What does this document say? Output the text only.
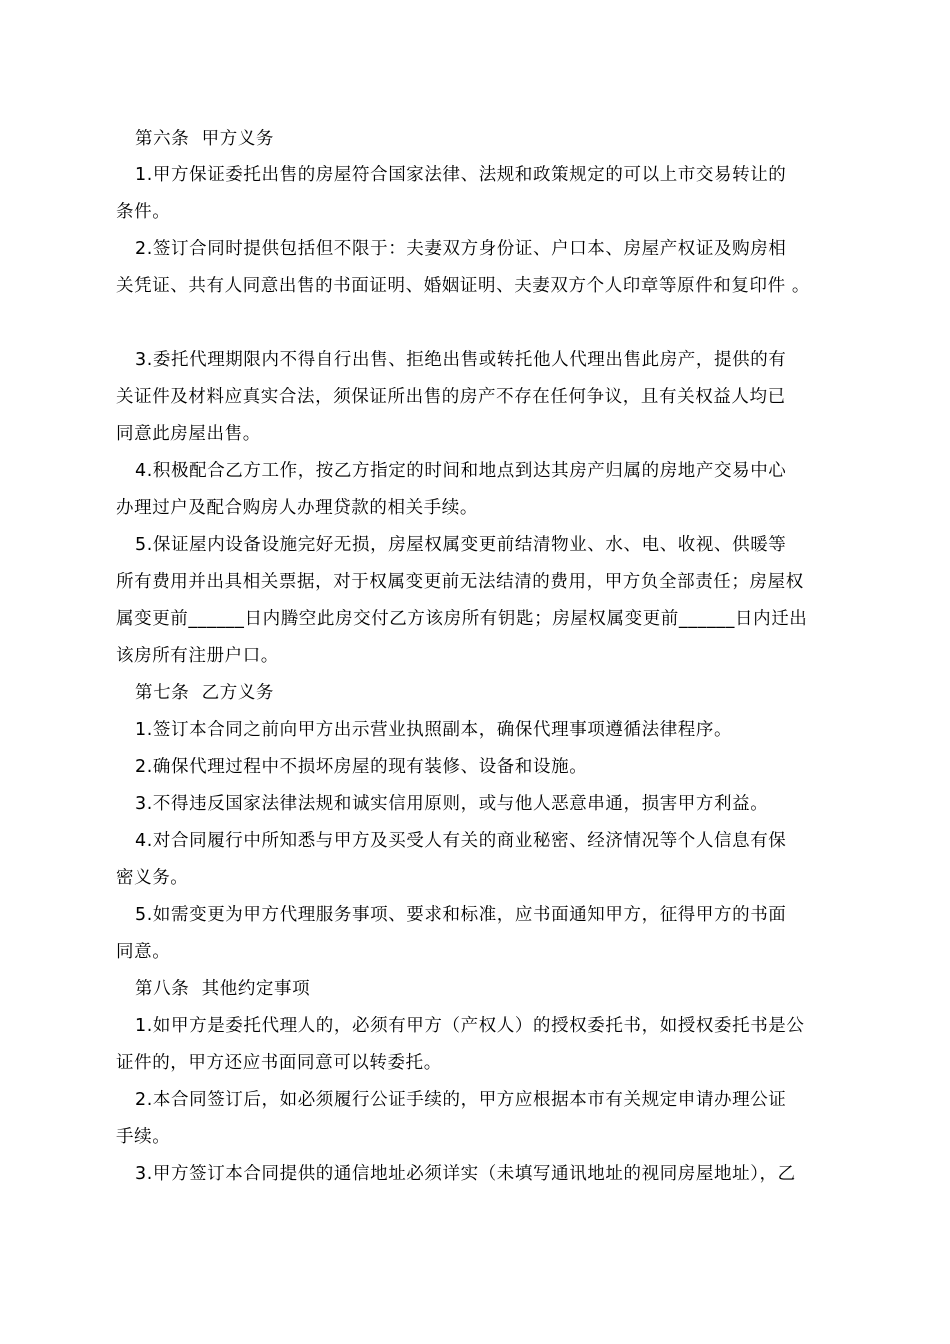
第六条  甲方义务
1.甲方保证委托出售的房屋符合国家法律、法规和政策规定的可以上市交易转让的
条件。
2.签订合同时提供包括但不限于：夫妻双方身份证、户口本、房屋产权证及购房相
关凭证、共有人同意出售的书面证明、婚姻证明、夫妻双方个人印章等原件和复印件 。
3.委托代理期限内不得自行出售、拒绝出售或转托他人代理出售此房产，提供的有
关证件及材料应真实合法，须保证所出售的房产不存在任何争议，且有关权益人均已
同意此房屋出售。
4.积极配合乙方工作，按乙方指定的时间和地点到达其房产归属的房地产交易中心
办理过户及配合购房人办理贷款的相关手续。
5.保证屋内设备设施完好无损，房屋权属变更前结清物业、水、电、收视、供暖等
所有费用并出具相关票据，对于权属变更前无法结清的费用，甲方负全部责任；房屋权
属变更前______日内腾空此房交付乙方该房所有钥匙；房屋权属变更前______日内迁出
该房所有注册户口。
第七条  乙方义务
1.签订本合同之前向甲方出示营业执照副本，确保代理事项遵循法律程序。
2.确保代理过程中不损坏房屋的现有装修、设备和设施。
3.不得违反国家法律法规和诚实信用原则，或与他人恶意串通，损害甲方利益。
4.对合同履行中所知悉与甲方及买受人有关的商业秘密、经济情况等个人信息有保
密义务。
5.如需变更为甲方代理服务事项、要求和标准，应书面通知甲方，征得甲方的书面
同意。
第八条  其他约定事项
1.如甲方是委托代理人的，必须有甲方（产权人）的授权委托书，如授权委托书是公
证件的，甲方还应书面同意可以转委托。
2.本合同签订后，如必须履行公证手续的，甲方应根据本市有关规定申请办理公证
手续。
3.甲方签订本合同提供的通信地址必须详实（未填写通讯地址的视同房屋地址），乙
